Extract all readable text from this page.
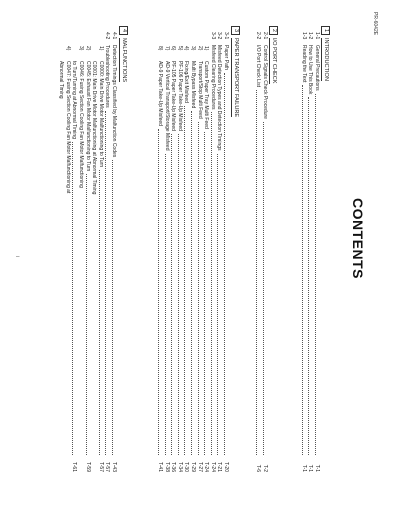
PR-6042E
CONTENTS
1
INTRODUCTION
1-1
General Precautions
T-1
1-2
How to Use This Book
T-1
1-3
Reading the Text
T-1
2
I/O PORT CHECK
2-1
Control Signals Check Procedure
T-2
2-2
I/O Port Check List
T-6
3
PAPER TRANSPORT FAILURE
3-1
Paper Path
T-20
3-2
Misfeed Detection Types and Detection Timings
T-21
3-3
Misfeed Clearing Procedures
T-24
1)
Custom Paper Tray Multi Feed
T-24
2)
Transport/Stop Multi Feed
T-27
3)
Multi Bypass Misfeed
T-29
4)
Fixing/Exit Misfeed
T-30
5)
PF-106 Paper Take-Up Misfeed
T-34
6)
PF-105 Paper Take-Up Misfeed
T-36
7)
AD-9 Vertical Transport/Storage Misfeed
T-38
8)
AD-9 Paper Take-Up Misfeed
T-41
4
MALFUNCTIONS
4-1
Detection Timings Classified by Malfunction Codes
T-43
4-2
Troubleshooting Procedures
T-57
1)
C0000: Main Drive Motor Malfunctioning to Turn
T-57
C0001: Main Drive Motor Malfunctioning at Abnormal Timing
2)
C0045: Exhaust Fan Motor Malfunctioning to Turn
T-59
3)
C0046: Fusing Section Cooling Fan Motor Malfunctioning
to Turn/Turning at Abnormal Timing
T-61
4)
C0047: Fusing Section Cooling Fan Motor Malfunctioning at
Abnormal Timing
i
